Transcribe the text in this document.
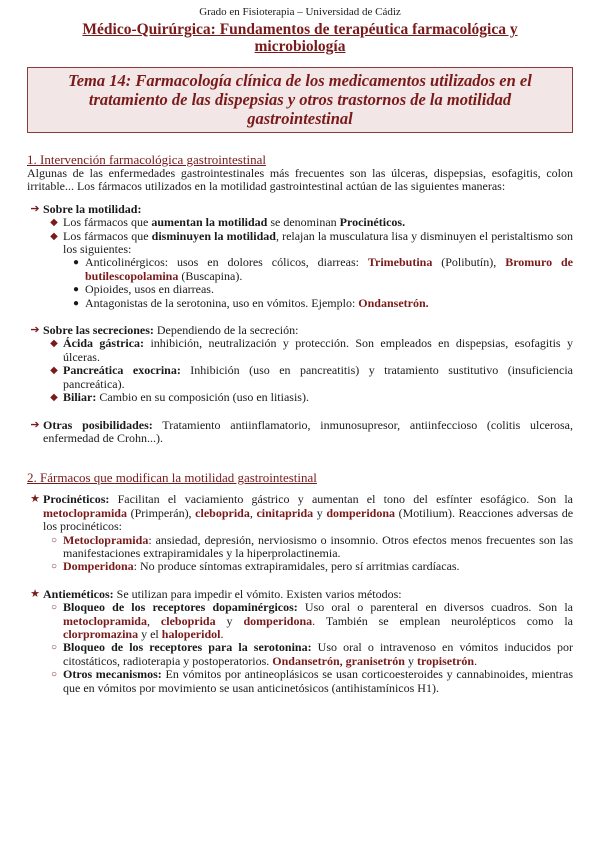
Grado en Fisioterapia – Universidad de Cádiz
Médico-Quirúrgica: Fundamentos de terapéutica farmacológica y microbiología
Tema 14: Farmacología clínica de los medicamentos utilizados en el tratamiento de las dispepsias y otros trastornos de la motilidad gastrointestinal
1. Intervención farmacológica gastrointestinal

Algunas de las enfermedades gastrointestinales más frecuentes son las úlceras, dispepsias, esofagitis, colon irritable... Los fármacos utilizados en la motilidad gastrointestinal actúan de las siguientes maneras:

➔ Sobre la motilidad:
◆ Los fármacos que aumentan la motilidad se denominan Procinéticos.
◆ Los fármacos que disminuyen la motilidad, relajan la musculatura lisa y disminuyen el peristaltismo son los siguientes:
● Anticolinérgicos: usos en dolores cólicos, diarreas: Trimebutina (Polibutín), Bromuro de butilescopolamina (Buscapina).
● Opioides, usos en diarreas.
● Antagonistas de la serotonina, uso en vómitos. Ejemplo: Ondansetrón.
➔ Sobre las secreciones: Dependiendo de la secreción:
◆ Ácida gástrica: inhibición, neutralización y protección. Son empleados en dispepsias, esofagitis y úlceras.
◆ Pancreática exocrina: Inhibición (uso en pancreatitis) y tratamiento sustitutivo (insuficiencia pancreática).
◆ Biliar: Cambio en su composición (uso en litiasis).
➔ Otras posibilidades: Tratamiento antiinflamatorio, inmunosupresor, antiinfeccioso (colitis ulcerosa, enfermedad de Crohn...).
2. Fármacos que modifican la motilidad gastrointestinal
★ Procinéticos: Facilitan el vaciamiento gástrico y aumentan el tono del esfínter esofágico. Son la metoclopramida (Primperán), cleboprida, cinitaprida y domperidona (Motilium). Reacciones adversas de los procinéticos:
○ Metoclopramida: ansiedad, depresión, nerviosismo o insomnio. Otros efectos menos frecuentes son las manifestaciones extrapiramidales y la hiperprolactinemia.
○ Domperidona: No produce síntomas extrapiramidales, pero sí arritmias cardíacas.
★ Antieméticos: Se utilizan para impedir el vómito. Existen varios métodos:
○ Bloqueo de los receptores dopaminérgicos: Uso oral o parenteral en diversos cuadros. Son la metoclopramida, cleboprida y domperidona. También se emplean neurolépticos como la clorpromazina y el haloperidol.
○ Bloqueo de los receptores para la serotonina: Uso oral o intravenoso en vómitos inducidos por citostáticos, radioterapia y postoperatorios. Ondansetrón, granisetrón y tropisetrón.
○ Otros mecanismos: En vómitos por antineoplásicos se usan corticoesteroides y cannabinoides, mientras que en vómitos por movimiento se usan anticinetósicos (antihistamínicos H1).
